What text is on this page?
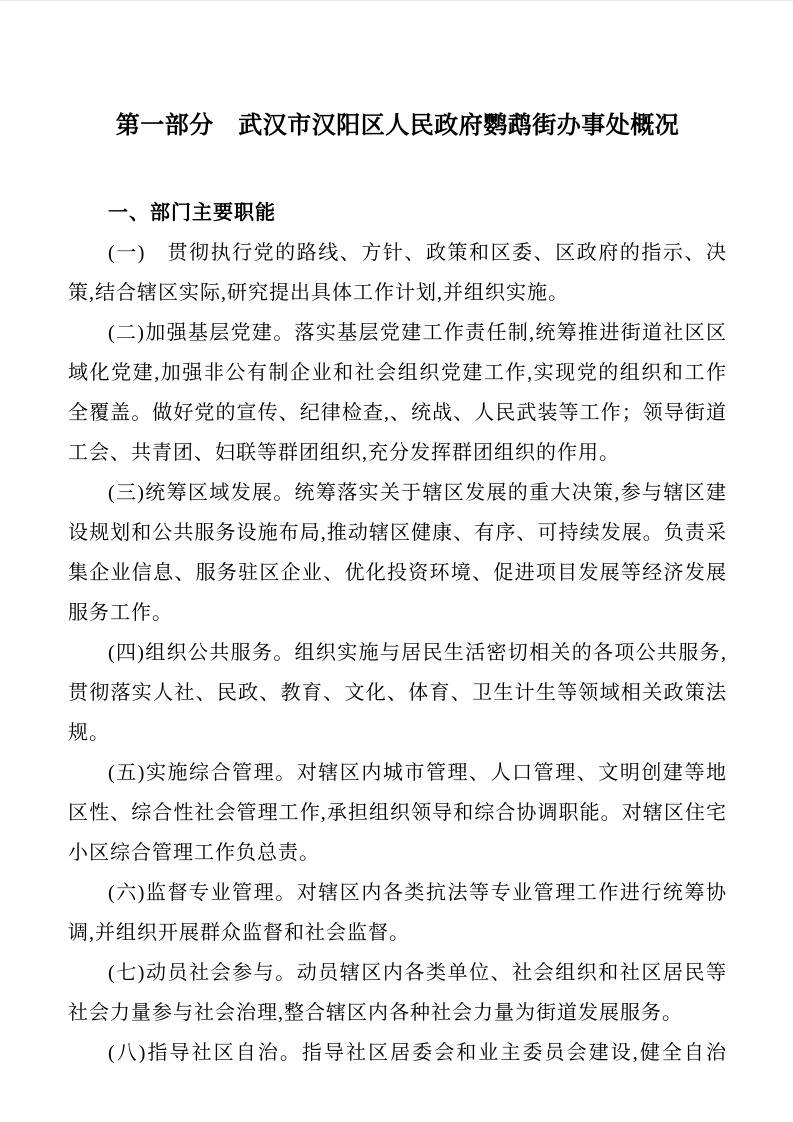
第一部分　武汉市汉阳区人民政府鹦鹉街办事处概况
一、部门主要职能

(一)　贯彻执行党的路线、方针、政策和区委、区政府的指示、决策,结合辖区实际,研究提出具体工作计划,并组织实施。

(二)加强基层党建。落实基层党建工作责任制,统筹推进街道社区区域化党建,加强非公有制企业和社会组织党建工作,实现党的组织和工作全覆盖。做好党的宣传、纪律检查,、统战、人民武装等工作；领导街道工会、共青团、妇联等群团组织,充分发挥群团组织的作用。

(三)统筹区域发展。统筹落实关于辖区发展的重大决策,参与辖区建设规划和公共服务设施布局,推动辖区健康、有序、可持续发展。负责采集企业信息、服务驻区企业、优化投资环境、促进项目发展等经济发展服务工作。

(四)组织公共服务。组织实施与居民生活密切相关的各项公共服务,贯彻落实人社、民政、教育、文化、体育、卫生计生等领域相关政策法规。

(五)实施综合管理。对辖区内城市管理、人口管理、文明创建等地区性、综合性社会管理工作,承担组织领导和综合协调职能。对辖区住宅小区综合管理工作负总责。

(六)监督专业管理。对辖区内各类抗法等专业管理工作进行统筹协调,并组织开展群众监督和社会监督。

(七)动员社会参与。动员辖区内各类单位、社会组织和社区居民等社会力量参与社会治理,整合辖区内各种社会力量为街道发展服务。

(八)指导社区自治。指导社区居委会和业主委员会建设,健全自治
